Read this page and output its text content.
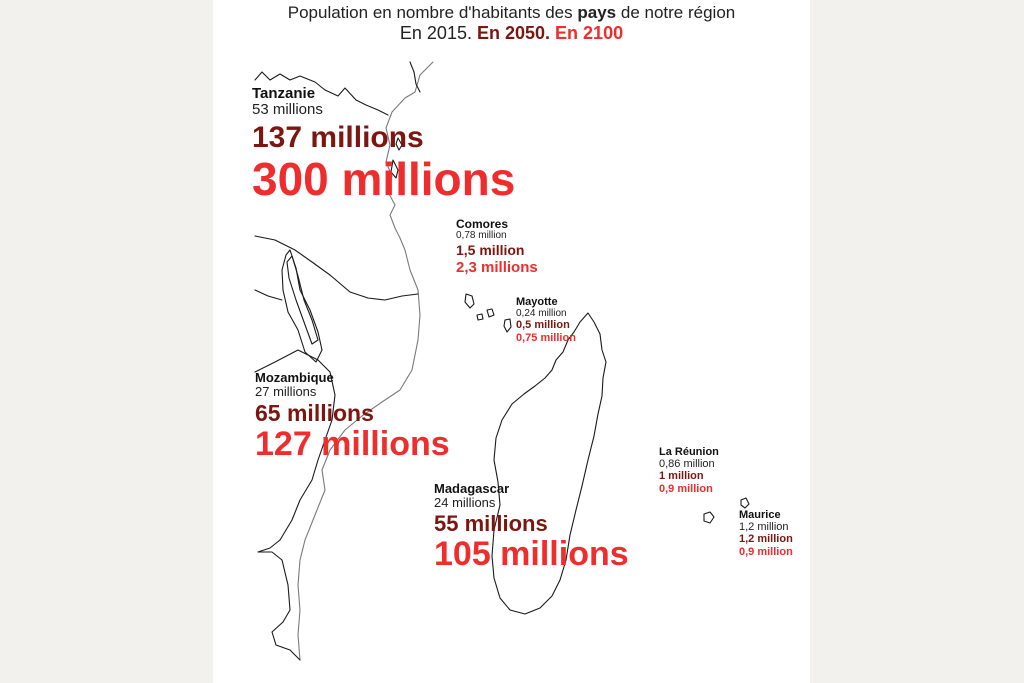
Population en nombre d'habitants des pays de notre région
En 2015. En 2050. En 2100
Tanzanie
53 millions
137 millions
300 millions
Comores
0,78 million
1,5 million
2,3 millions
Mayotte
0,24 million
0,5 million
0,75 million
Mozambique
27 millions
65 millions
127 millions
Madagascar
24 millions
55 millions
105 millions
La Réunion
0,86 million
1 million
0,9 million
Maurice
1,2 million
1,2 million
0,9 million
